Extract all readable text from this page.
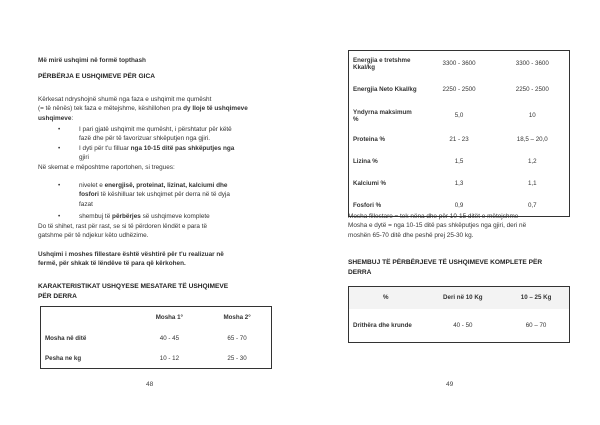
Më mirë ushqimi në formë topthash
PËRBËRJA E USHQIMEVE PËR GICA
Kërkesat ndryshojnë shumë nga faza e ushqimit me qumësht
(= të nënës) tek faza e mëtejshme, këshillohen pra dy lloje të ushqimeve
ushqimeve:
•	I pari gjatë ushqimit me qumësht, i përshtatur për këtë
fazë dhe për të favorizuar shkëputjen nga gjiri.
•	I dyti për t'u filluar nga 10-15 ditë pas shkëputjes nga
gjiri
Në skemat e mëposhtme raportohen, si tregues:
•	nivelet e energjisë, proteinat, lizinat, kalciumi dhe
fosfori të këshilluar tek ushqimet për derra në të dyja
fazat
•	shembuj të përbërjes së ushqimeve komplete
Do të shihet, rast për rast, se si të përdoren lëndët e para të
gatshme për të ndjekur këto udhëzime.
Ushqimi i moshes fillestare është vështirë për t'u realizuar në
fermë, për shkak të lëndëve të para që kërkohen.
KARAKTERISTIKAT USHQYESE MESATARE TË USHQIMEVE
PËR DERRA
	Mosha 1°	Mosha 2°
Mosha në ditë	40 - 45	65 - 70
Pesha ne kg	10 - 12	25 - 30
48
Energjia e tretshme Kkal/kg	3300 - 3600	3300 - 3600
Energjia Neto Kkal/kg	2250 - 2500	2250 - 2500
Yndyrna maksimum %	5,0	10
Proteina %	21 - 23	18,5 – 20,0
Lizina %	1,5	1,2
Kalciumi %	1,3	1,1
Fosfori %	0,9	0,7
Mosha fillestare = tek nëna dhe për 10-15 ditët e mëtejshme
Mosha e dytë = nga 10-15 ditë pas shkëputjes nga gjiri, deri në
moshën 65-70 ditë dhe peshë prej 25-30 kg.
SHEMBUJ TË PËRBËRJEVE TË USHQIMEVE KOMPLETE PËR
DERRA
%	Deri në 10 Kg	10 – 25 Kg
Drithëra dhe krunde	40 - 50	60 – 70
49
